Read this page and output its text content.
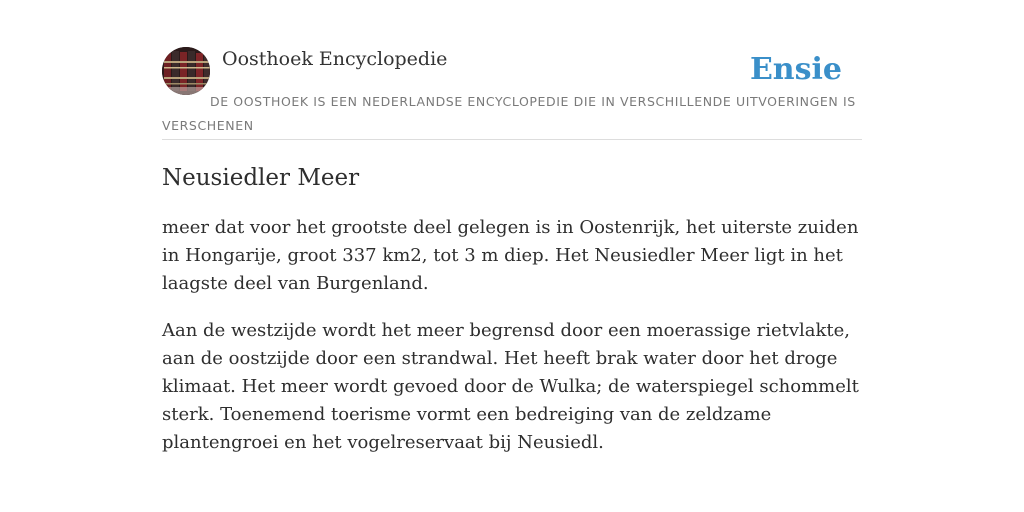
Oosthoek Encyclopedie	Ensie
DE OOSTHOEK IS EEN NEDERLANDSE ENCYCLOPEDIE DIE IN VERSCHILLENDE UITVOERINGEN IS VERSCHENEN
Neusiedler Meer

meer dat voor het grootste deel gelegen is in Oostenrijk, het uiterste zuiden in Hongarije, groot 337 km2, tot 3 m diep. Het Neusiedler Meer ligt in het laagste deel van Burgenland.

Aan de westzijde wordt het meer begrensd door een moerassige rietvlakte, aan de oostzijde door een strandwal. Het heeft brak water door het droge klimaat. Het meer wordt gevoed door de Wulka; de waterspiegel schommelt sterk. Toenemend toerisme vormt een bedreiging van de zeldzame plantengroei en het vogelreservaat bij Neusiedl.
